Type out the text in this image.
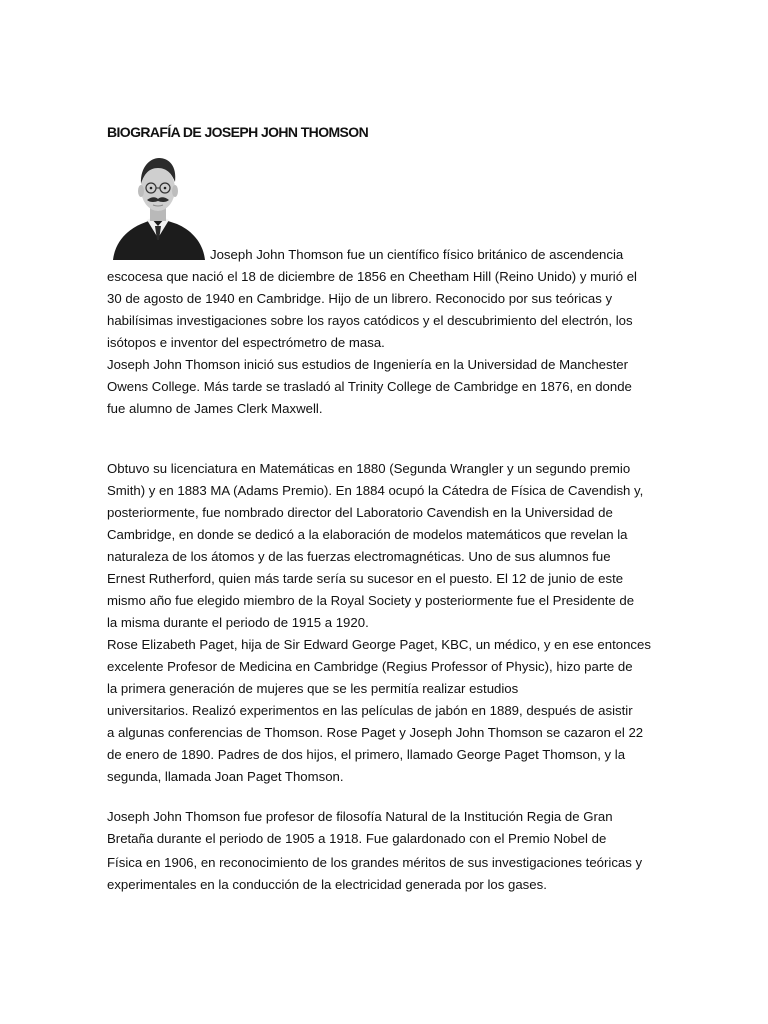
BIOGRAFÍA DE JOSEPH JOHN THOMSON

Joseph John Thomson fue un científico físico británico de ascendencia

escocesa que nació el 18 de diciembre de 1856 en Cheetham Hill (Reino Unido) y murió el

30 de agosto de 1940 en Cambridge. Hijo de un librero. Reconocido por sus teóricas y

habilísimas investigaciones sobre los rayos catódicos y el descubrimiento del electrón, los

isótopos e inventor del espectrómetro de masa.

Joseph John Thomson inició sus estudios de Ingeniería en la Universidad de Manchester

Owens College. Más tarde se trasladó al Trinity College de Cambridge en 1876, en donde

fue alumno de James Clerk Maxwell.

Obtuvo su licenciatura en Matemáticas en 1880 (Segunda Wrangler y un segundo premio

Smith) y en 1883 MA (Adams Premio). En 1884 ocupó la Cátedra de Física de Cavendish y,

posteriormente, fue nombrado director del Laboratorio Cavendish en la Universidad de

Cambridge, en donde se dedicó a la elaboración de modelos matemáticos que revelan la

naturaleza de los átomos y de las fuerzas electromagnéticas. Uno de sus alumnos fue

Ernest Rutherford, quien más tarde sería su sucesor en el puesto. El 12 de junio de este

mismo año fue elegido miembro de la Royal Society y posteriormente fue el Presidente de

la misma durante el periodo de 1915 a 1920.

Rose Elizabeth Paget, hija de Sir Edward George Paget, KBC, un médico, y en ese entonces

excelente Profesor de Medicina en Cambridge (Regius Professor of Physic), hizo parte de

la primera generación de mujeres que se les permitía realizar estudios

universitarios. Realizó experimentos en las películas de jabón en 1889, después de asistir

a algunas conferencias de Thomson. Rose Paget y Joseph John Thomson se cazaron el 22

de enero de 1890. Padres de dos hijos, el primero, llamado George Paget Thomson, y la

segunda, llamada Joan Paget Thomson.

Joseph John Thomson fue profesor de filosofía Natural de la Institución Regia de Gran

Bretaña durante el periodo de 1905 a 1918. Fue galardonado con el Premio Nobel de

Física en 1906, en reconocimiento de los grandes méritos de sus investigaciones teóricas y

experimentales en la conducción de la electricidad generada por los gases.
